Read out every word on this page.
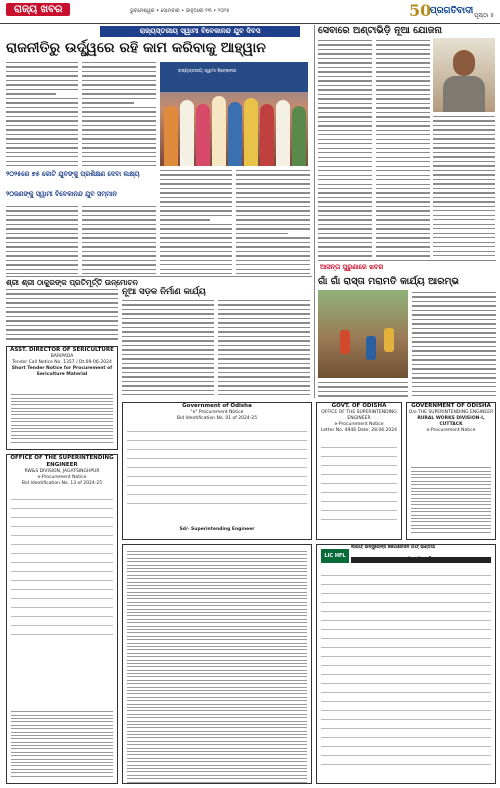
ରାଜ୍ୟ ଖବର	ଭୁବନେଶ୍ୱର • ସୋମବାର • ଜାନୁଆରୀ ୧୩ • ୨୦୨୫	50
ପ୍ରଗତିବାଦୀ ପୃଷ୍ଠା ୫
ରାଜ୍ୟସ୍ତରୀୟ ସ୍ୱାମୀ ବିବେକାନନ୍ଦ ଯୁବ ଦିବସ
ରାଜନୀତିରୁ ଉର୍ଦ୍ଧ୍ୱରେ ରହି କାମ କରିବାକୁ ଆହ୍ୱାନ
ରାଜ୍ୟସ୍ତରୀୟ ସ୍ୱାମୀ ବିବେକାନନ୍ଦ
୨୦୨୫ରେ ୭୫ କୋଟି ଯୁବଙ୍କୁ ପ୍ରଶିକ୍ଷଣ ଦେବା ଲକ୍ଷ୍ୟ
୨୦ଜଣଙ୍କୁ ସ୍ୱାମୀ ବିବେକାନନ୍ଦ ଯୁବ ସମ୍ମାନ
ସେବାରେ ଅଣ୍ଟାଭିଡ଼ି ନୂଆ ଯୋଜନା
ଆସନ୍ତା ପୁରୁଣାରେ ଖବର
ଗାଁ ଗାଁ ରାସ୍ତା ମରାମତି କାର୍ଯ୍ୟ ଆରମ୍ଭ
ଶ୍ରୀ ଶ୍ରୀ ଠାକୁରଙ୍କ ପ୍ରତିମୂର୍ତ୍ତି ଉନ୍ମୋଚନ
ନୂଆ ସଡ଼କ ନିର୍ମାଣ କାର୍ଯ୍ୟ
ASST. DIRECTOR OF SERICULTURE
BARIPADA
Tender Call Notice No. 1357 / Dt.09-06-2024
Short Tender Notice for Procurement of Sericulture Material
OFFICE OF THE SUPERINTENDING ENGINEER
RW&S DIVISION, JAGATSINGHPUR
e-Procurement Notice
Bid Identification No. 13 of 2024-25
Government of Odisha
"e" Procurement Notice
Bid Identification No. 01 of 2024-25
Sd/- Superintending Engineer
GOVT. OF ODISHA
OFFICE OF THE SUPERINTENDING ENGINEER
e-Procurement Notice
Letter No. 4946 Date: 28.06.2024
GOVERNMENT OF ODISHA
O/o THE SUPERINTENDING ENGINEER
RURAL WORKS DIVISION-I, CUTTACK
e-Procurement Notice
LIC HFL
ଲାଇଫ୍ ଇନ୍ସୁରେନ୍ସ କର୍ପୋରେସନ ଅଫ୍ ଇଣ୍ଡିଆ
ବିକ୍ରୟ ନୋଟିସ
